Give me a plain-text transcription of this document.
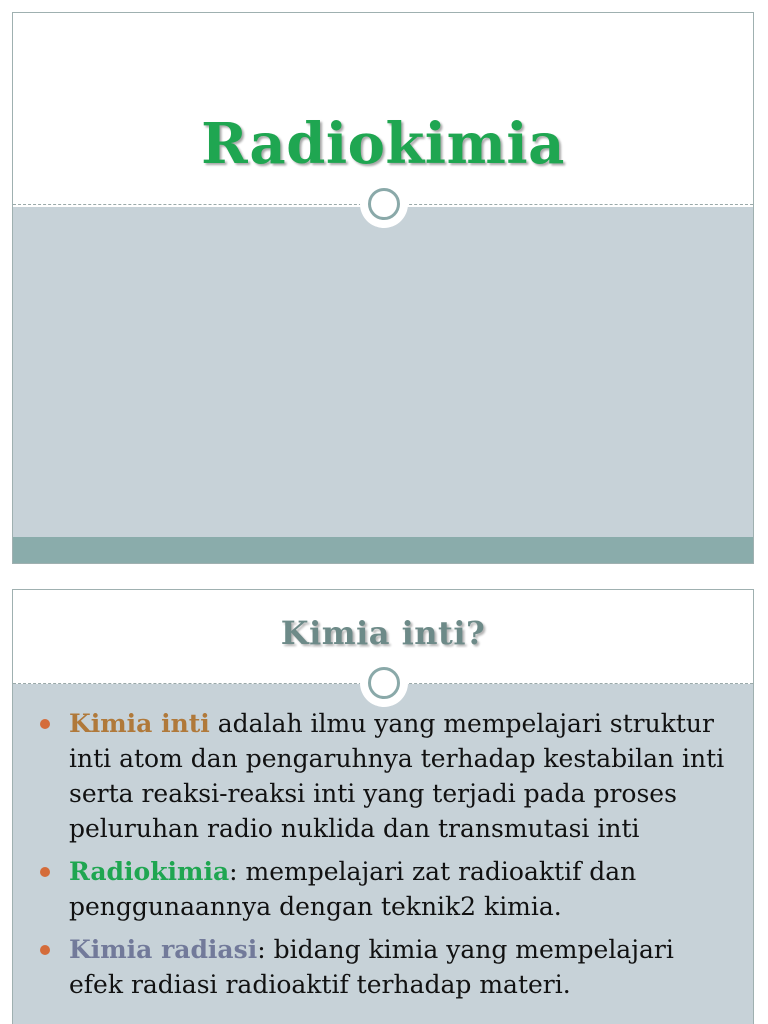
Radiokimia
Kimia inti?
Kimia inti adalah ilmu yang mempelajari struktur inti atom dan pengaruhnya terhadap kestabilan inti serta reaksi-reaksi inti yang terjadi pada proses peluruhan radio nuklida dan transmutasi inti
Radiokimia: mempelajari zat radioaktif dan penggunaannya dengan teknik2 kimia.
Kimia radiasi: bidang kimia yang mempelajari efek radiasi radioaktif terhadap materi.
